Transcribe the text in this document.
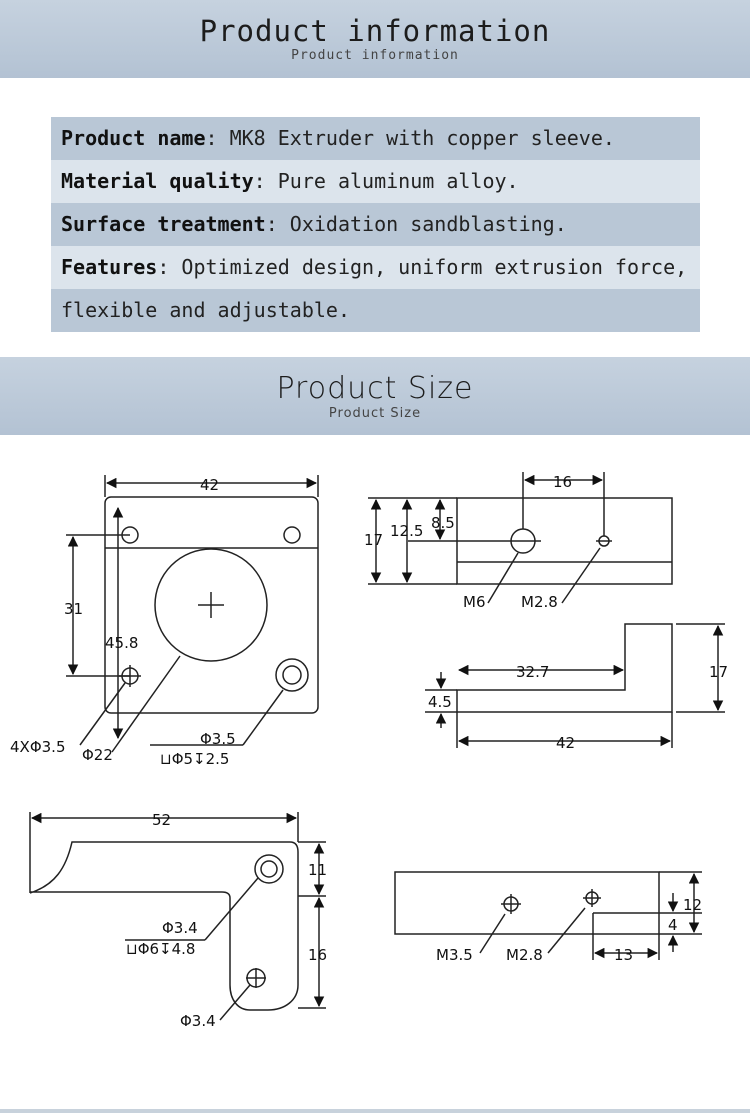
Product information
Product information
Product name: MK8 Extruder with copper sleeve.
Material quality: Pure aluminum alloy.
Surface treatment: Oxidation sandblasting.
Features: Optimized design, uniform extrusion force,
flexible and adjustable.
Product Size
Product Size
42
31
45.8
4XΦ3.5 Φ22
Φ3.5
⊔Φ5↧2.5
16
17 12.5 8.5
M6 M2.8
32.7	17
4.5
42
52
11
16
Φ3.4
⊔Φ6↧4.8
Φ3.4
12
4
13
M3.5 M2.8
